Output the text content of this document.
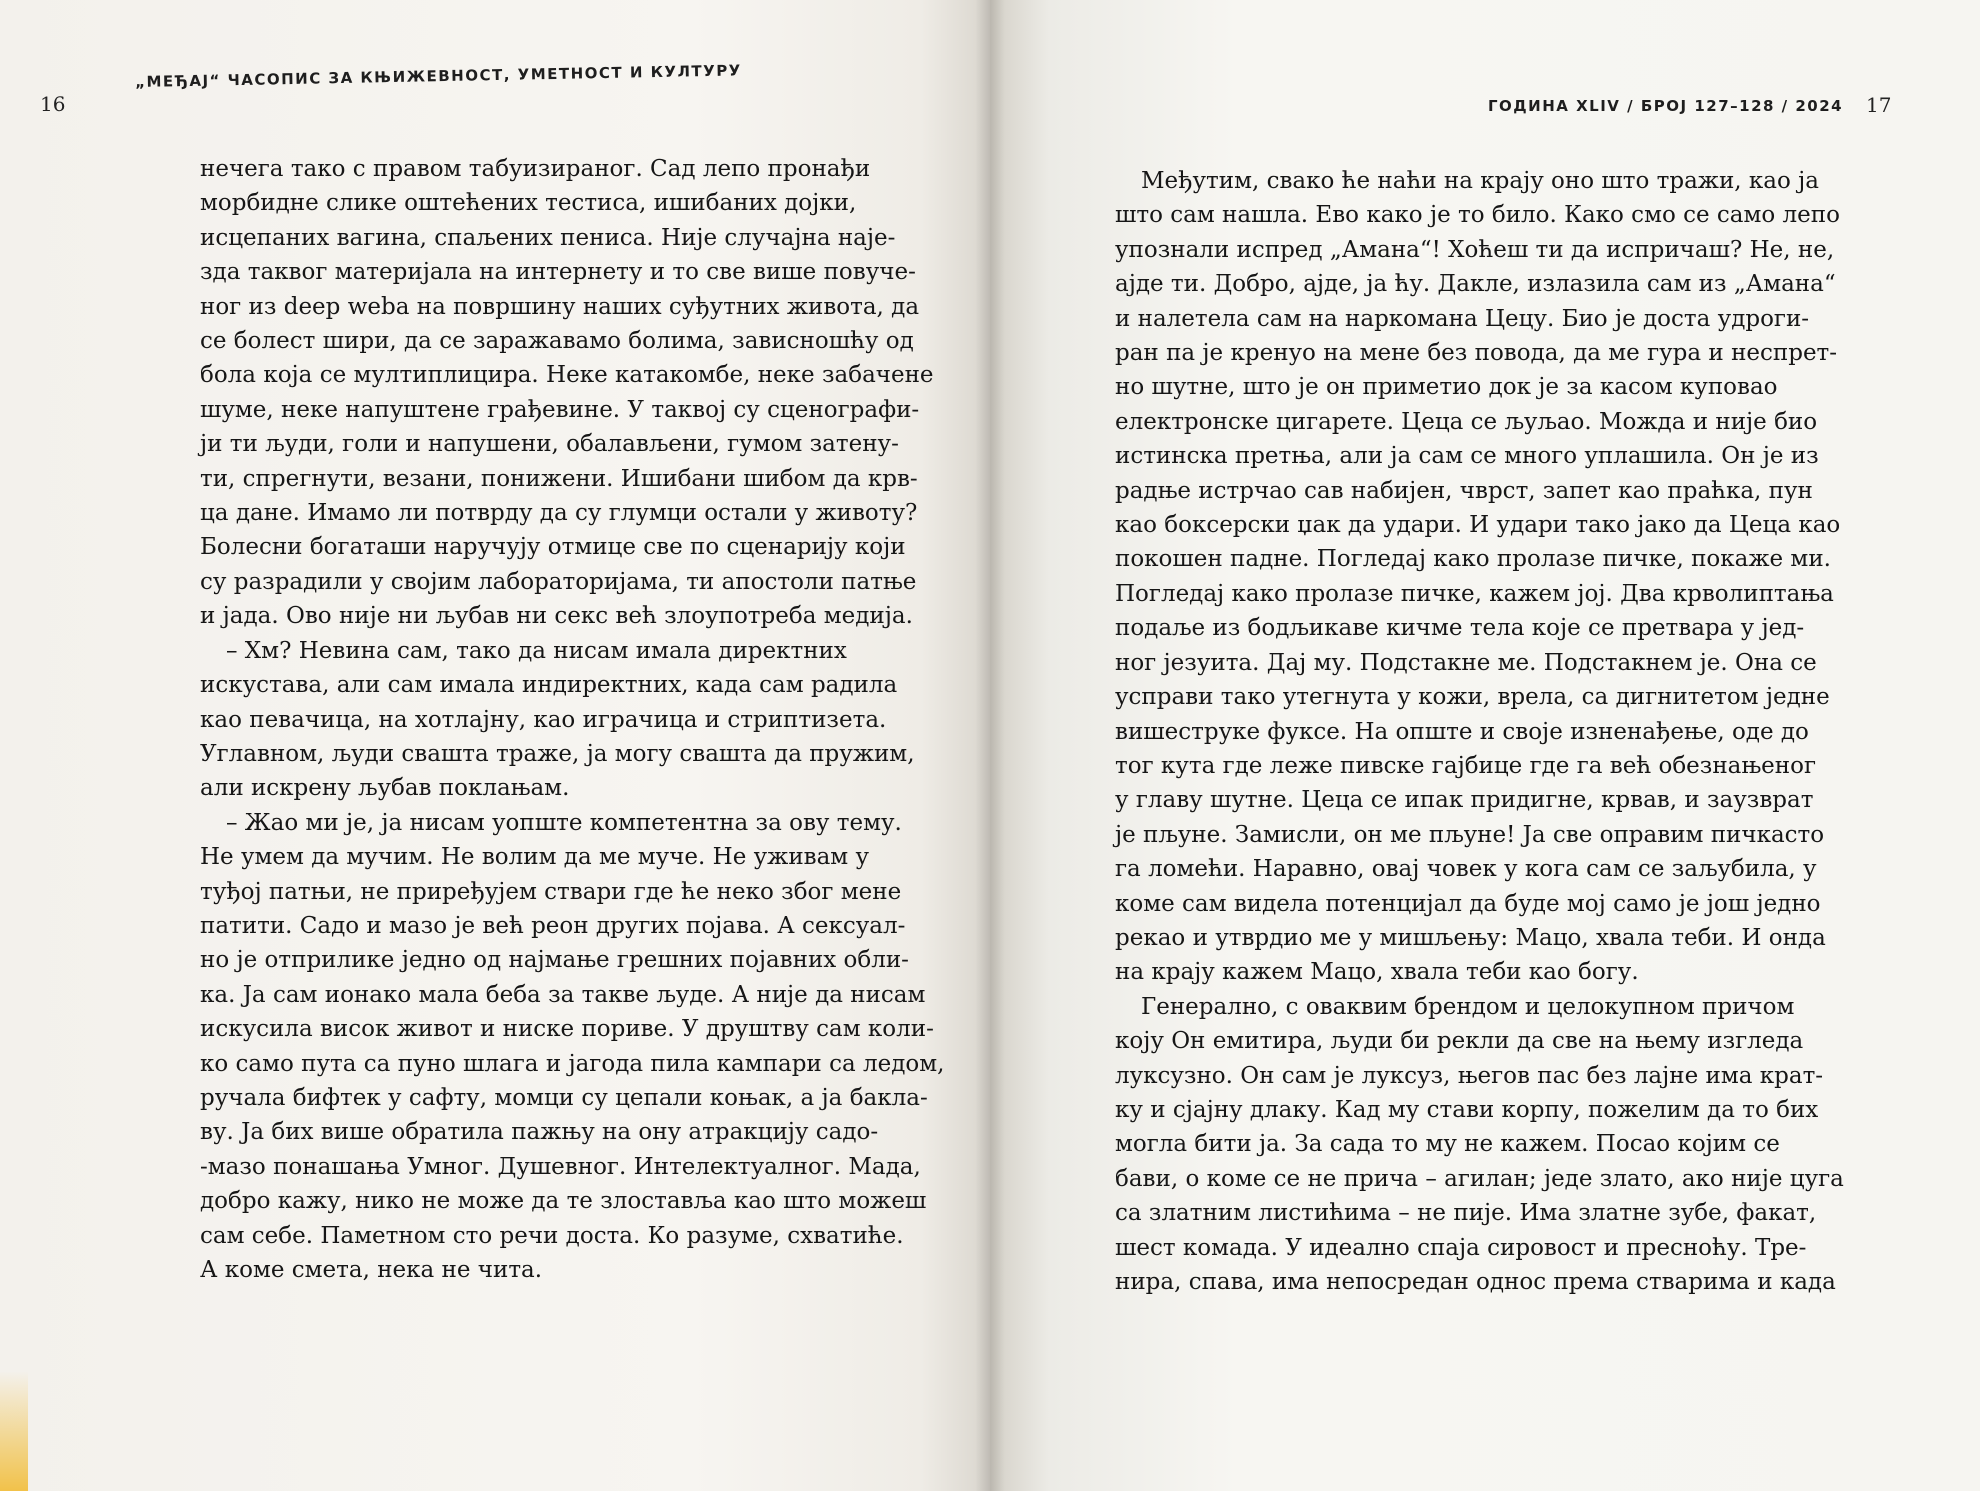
16
„МЕЂАЈ“ ЧАСОПИС ЗА КЊИЖЕВНОСТ, УМЕТНОСТ И КУЛТУРУ
нечега тако с правом табуизираног. Сад лепо пронађи
морбидне слике оштећених тестиса, ишибаних дојки,
исцепаних вагина, спаљених пениса. Није случајна најe-
зда таквог материјала на интернету и то све више повуче-
ног из deep weba на површину наших суђутних живота, да
се болест шири, да се заражавамо болима, зависношћу од
бола која се мултиплицира. Неке катакомбе, неке забачене
шуме, неке напуштене грађевине. У таквој су сценографи-
ји ти људи, голи и напушени, обалављени, гумом затену-
ти, спрегнути, везани, понижени. Ишибани шибом да крв-
ца дане. Имамо ли потврду да су глумци остали у животу?
Болесни богаташи наручују отмице све по сценарију који
су разрадили у својим лабораторијама, ти апостоли патње
и јада. Ово није ни љубав ни секс већ злоупотреба медија.
– Хм? Невина сам, тако да нисам имала директних
искустава, али сам имала индиректних, када сам радила
као певачица, на хотлајну, као играчица и стриптизета.
Углавном, људи свашта траже, ја могу свашта да пружим,
али искрену љубав поклањам.
– Жао ми је, ја нисам уопште компетентна за ову тему.
Не умем да мучим. Не волим да ме муче. Не уживам у
туђој патњи, не приређујем ствари где ће неко због мене
патити. Садо и мазо је већ реон других појава. А сексуал-
но је отприлике једно од најмање грешних појавних обли-
ка. Ја сам ионако мала беба за такве људе. А није да нисам
искусила висок живот и ниске пориве. У друштву сам коли-
ко само пута са пуно шлага и јагода пила кампари са ледом,
ручала бифтек у сафту, момци су цепали коњак, а ја бакла-
ву. Ја бих више обратила пажњу на ону атракцију садо-
-мазо понашања Умног. Душевног. Интелектуалног. Мада,
добро кажу, нико не може да те злоставља као што можеш
сам себе. Паметном сто речи доста. Ко разуме, схватиће.
А коме смета, нека не чита.
ГОДИНА XLIV / БРОЈ 127–128 / 2024 17
Међутим, свако ће наћи на крају оно што тражи, као ја
што сам нашла. Ево како је то било. Како смо се само лепо
упознали испред „Амана“! Хоћеш ти да испричаш? Не, не,
ајде ти. Добро, ајде, ја ћу. Дакле, излазила сам из „Амана“
и налетела сам на наркомана Цецу. Био је доста удроги-
ран па је кренуо на мене без повода, да ме гура и неспрет-
но шутне, што је он приметио док је за касом куповао
електронске цигарете. Цеца се љуљао. Можда и није био
истинска претња, али ја сам се много уплашила. Он је из
радње истрчао сав набијен, чврст, запет као праћка, пун
као боксерски џак да удари. И удари тако јако да Цеца као
покошен падне. Погледај како пролазе пичке, покаже ми.
Погледај како пролазе пичке, кажем јој. Два крволиптања
подаље из бодљикаве кичме тела које се претвара у јед-
ног језуита. Дај му. Подстакне ме. Подстакнем је. Она се
усправи тако утегнута у кожи, врела, са дигнитетом једне
вишеструке фуксе. На опште и своје изненађење, оде до
тог кута где леже пивске гајбице где га већ обезнањеног
у главу шутне. Цеца се ипак придигне, крвав, и заузврат
је пљуне. Замисли, он ме пљуне! Ја све оправим пичкасто
га ломећи. Наравно, овај човек у кога сам се заљубила, у
коме сам видела потенцијал да буде мој само је још једно
рекао и утврдио ме у мишљењу: Мацо, хвала теби. И онда
на крају кажем Мацо, хвала теби као богу.
Генерално, с оваквим брендом и целокупном причом
коју Он емитира, људи би рекли да све на њему изгледа
луксузно. Он сам је луксуз, његов пас без лајне има крат-
ку и сјајну длаку. Кад му стави корпу, пожелим да то бих
могла бити ја. За сада то му не кажем. Посао којим се
бави, о коме се не прича – агилан; једе злато, ако није цуга
са златним листићима – не пије. Има златне зубе, факат,
шест комада. У идеално спаја сировост и преснoћу. Тре-
нира, спава, има непосредан однос према стварима и када
